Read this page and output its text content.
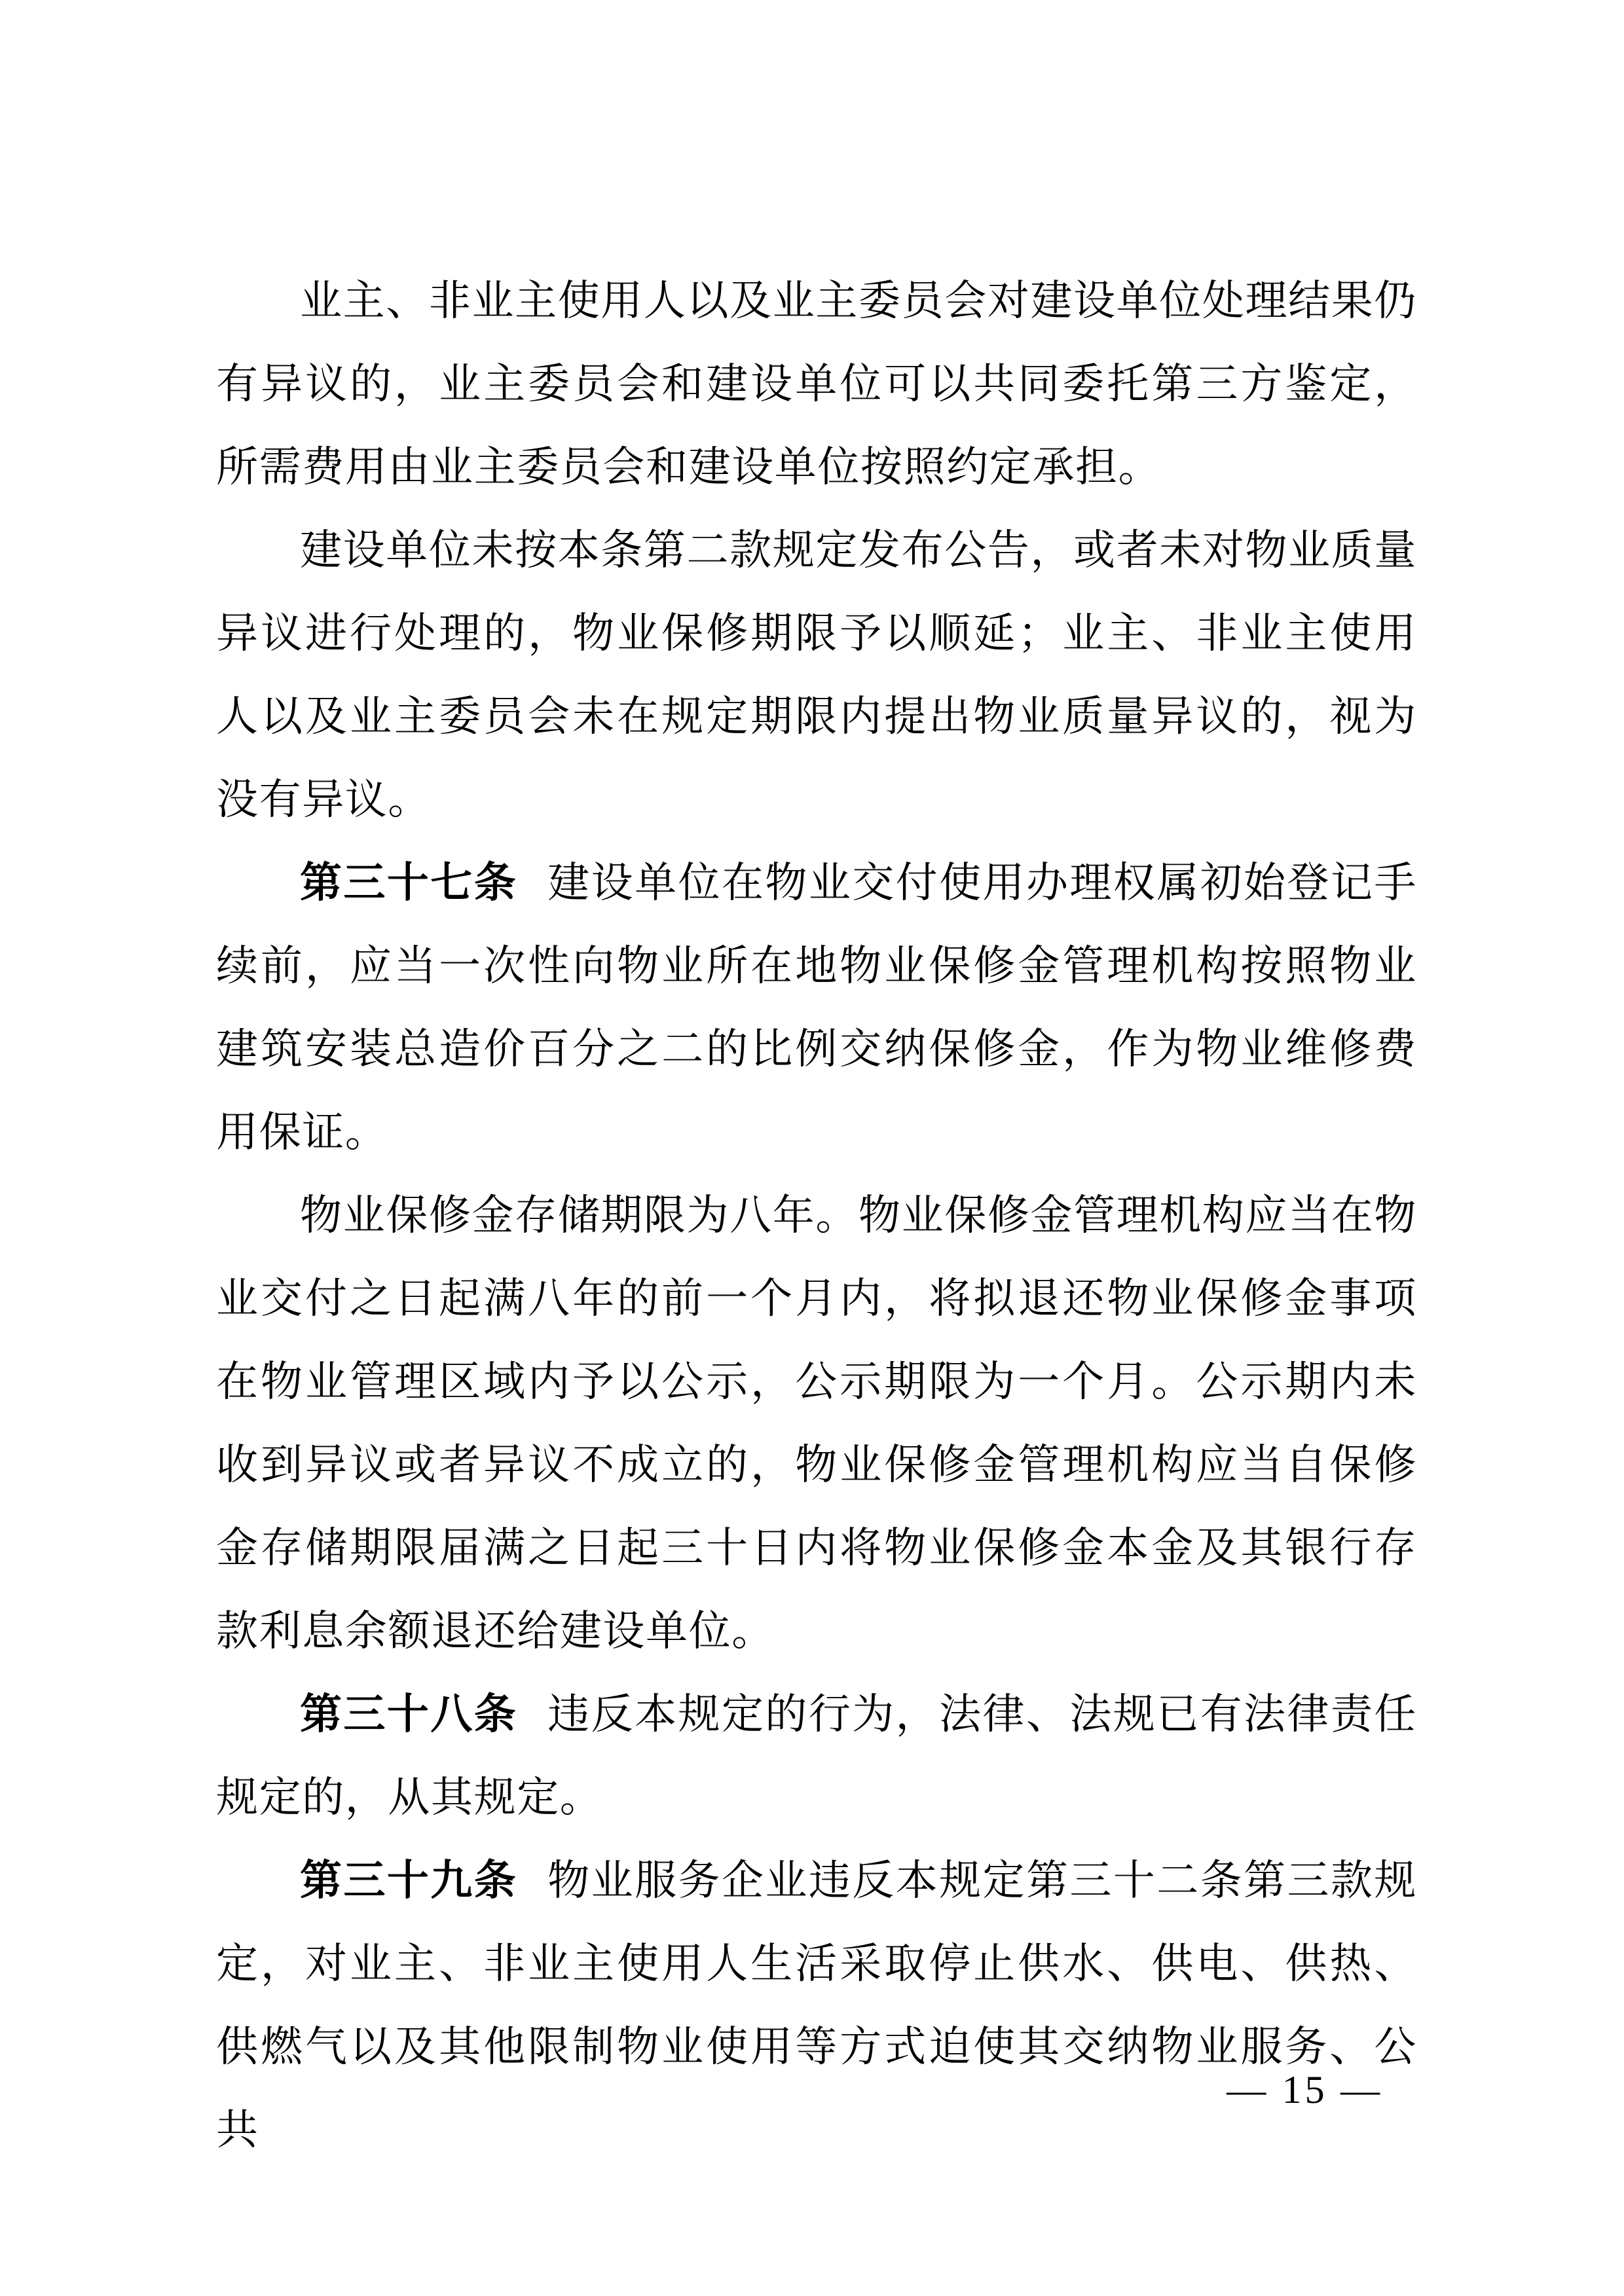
业主、非业主使用人以及业主委员会对建设单位处理结果仍有异议的，业主委员会和建设单位可以共同委托第三方鉴定，所需费用由业主委员会和建设单位按照约定承担。

建设单位未按本条第二款规定发布公告，或者未对物业质量异议进行处理的，物业保修期限予以顺延；业主、非业主使用人以及业主委员会未在规定期限内提出物业质量异议的，视为没有异议。

第三十七条 建设单位在物业交付使用办理权属初始登记手续前，应当一次性向物业所在地物业保修金管理机构按照物业建筑安装总造价百分之二的比例交纳保修金，作为物业维修费用保证。

物业保修金存储期限为八年。物业保修金管理机构应当在物业交付之日起满八年的前一个月内，将拟退还物业保修金事项在物业管理区域内予以公示，公示期限为一个月。公示期内未收到异议或者异议不成立的，物业保修金管理机构应当自保修金存储期限届满之日起三十日内将物业保修金本金及其银行存款利息余额退还给建设单位。

第三十八条 违反本规定的行为，法律、法规已有法律责任规定的，从其规定。

第三十九条 物业服务企业违反本规定第三十二条第三款规定，对业主、非业主使用人生活采取停止供水、供电、供热、供燃气以及其他限制物业使用等方式迫使其交纳物业服务、公共

— 15 —
